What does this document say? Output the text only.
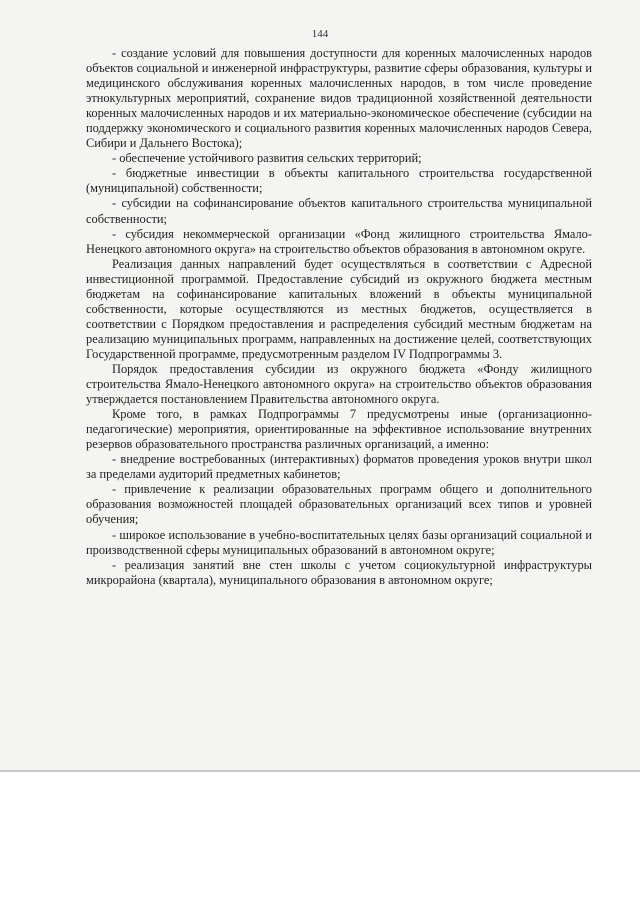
144

- создание условий для повышения доступности для коренных малочисленных народов объектов социальной и инженерной инфраструктуры, развитие сферы образования, культуры и медицинского обслуживания коренных малочисленных народов, в том числе проведение этнокультурных мероприятий, сохранение видов традиционной хозяйственной деятельности коренных малочисленных народов и их материально-экономическое обеспечение (субсидии на поддержку экономического и социального развития коренных малочисленных народов Севера, Сибири и Дальнего Востока);

- обеспечение устойчивого развития сельских территорий;

- бюджетные инвестиции в объекты капитального строительства государственной (муниципальной) собственности;

- субсидии на софинансирование объектов капитального строительства муниципальной собственности;

- субсидия некоммерческой организации «Фонд жилищного строительства Ямало-Ненецкого автономного округа» на строительство объектов образования в автономном округе.

Реализация данных направлений будет осуществляться в соответствии с Адресной инвестиционной программой. Предоставление субсидий из окружного бюджета местным бюджетам на софинансирование капитальных вложений в объекты муниципальной собственности, которые осуществляются из местных бюджетов, осуществляется в соответствии с Порядком предоставления и распределения субсидий местным бюджетам на реализацию муниципальных программ, направленных на достижение целей, соответствующих Государственной программе, предусмотренным разделом IV Подпрограммы 3.

Порядок предоставления субсидии из окружного бюджета «Фонду жилищного строительства Ямало-Ненецкого автономного округа» на строительство объектов образования утверждается постановлением Правительства автономного округа.

Кроме того, в рамках Подпрограммы 7 предусмотрены иные (организационно-педагогические) мероприятия, ориентированные на эффективное использование внутренних резервов образовательного пространства различных организаций, а именно:

- внедрение востребованных (интерактивных) форматов проведения уроков внутри школ за пределами аудиторий предметных кабинетов;

- привлечение к реализации образовательных программ общего и дополнительного образования возможностей площадей образовательных организаций всех типов и уровней обучения;

- широкое использование в учебно-воспитательных целях базы организаций социальной и производственной сферы муниципальных образований в автономном округе;

- реализация занятий вне стен школы с учетом социокультурной инфраструктуры микрорайона (квартала), муниципального образования в автономном округе;
